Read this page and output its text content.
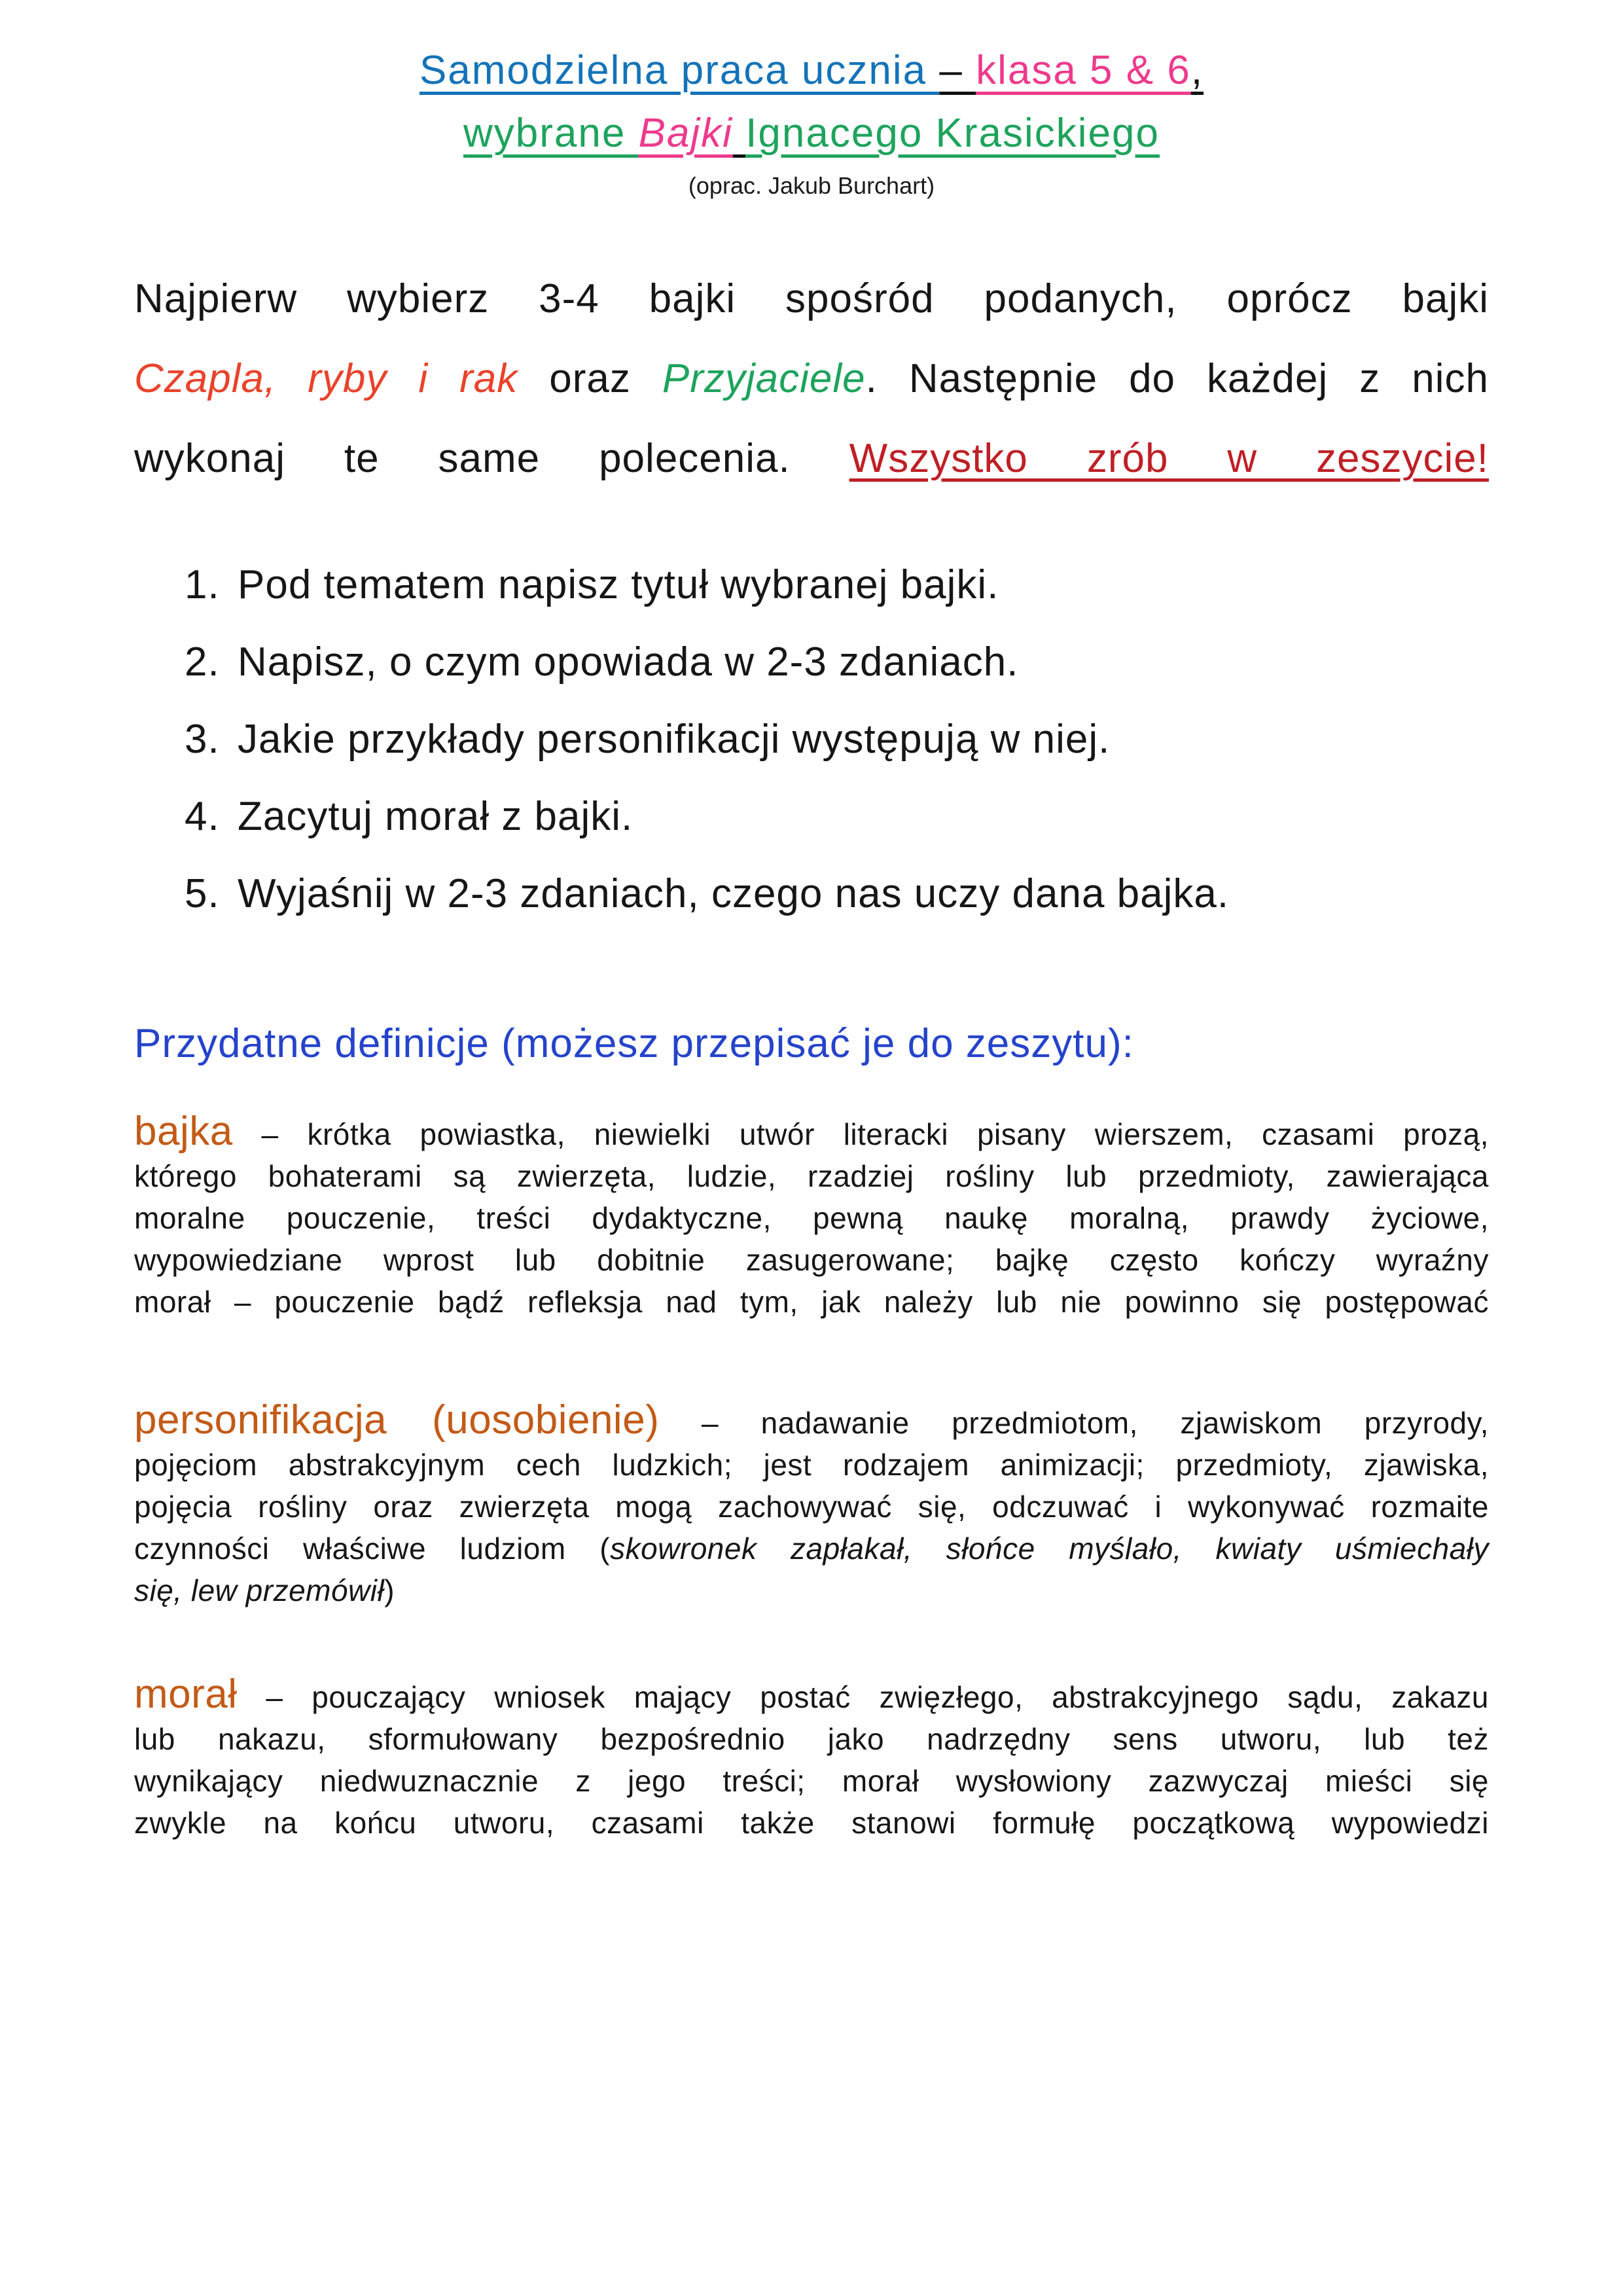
Samodzielna praca ucznia – klasa 5 & 6,
wybrane Bajki Ignacego Krasickiego
(oprac. Jakub Burchart)
Najpierw wybierz 3-4 bajki spośród podanych, oprócz bajki
Czapla, ryby i rak oraz Przyjaciele. Następnie do każdej z nich
wykonaj te same polecenia. Wszystko zrób w zeszycie!
1. Pod tematem napisz tytuł wybranej bajki.
2. Napisz, o czym opowiada w 2-3 zdaniach.
3. Jakie przykłady personifikacji występują w niej.
4. Zacytuj morał z bajki.
5. Wyjaśnij w 2-3 zdaniach, czego nas uczy dana bajka.
Przydatne definicje (możesz przepisać je do zeszytu):
bajka – krótka powiastka, niewielki utwór literacki pisany wierszem, czasami prozą,
którego bohaterami są zwierzęta, ludzie, rzadziej rośliny lub przedmioty, zawierająca
moralne pouczenie, treści dydaktyczne, pewną naukę moralną, prawdy życiowe,
wypowiedziane wprost lub dobitnie zasugerowane; bajkę często kończy wyraźny
morał – pouczenie bądź refleksja nad tym, jak należy lub nie powinno się postępować
personifikacja (uosobienie) – nadawanie przedmiotom, zjawiskom przyrody,
pojęciom abstrakcyjnym cech ludzkich; jest rodzajem animizacji; przedmioty, zjawiska,
pojęcia rośliny oraz zwierzęta mogą zachowywać się, odczuwać i wykonywać rozmaite
czynności właściwe ludziom (skowronek zapłakał, słońce myślało, kwiaty uśmiechały
się, lew przemówił)
morał – pouczający wniosek mający postać zwięzłego, abstrakcyjnego sądu, zakazu
lub nakazu, sformułowany bezpośrednio jako nadrzędny sens utworu, lub też
wynikający niedwuznacznie z jego treści; morał wysłowiony zazwyczaj mieści się
zwykle na końcu utworu, czasami także stanowi formułę początkową wypowiedzi
